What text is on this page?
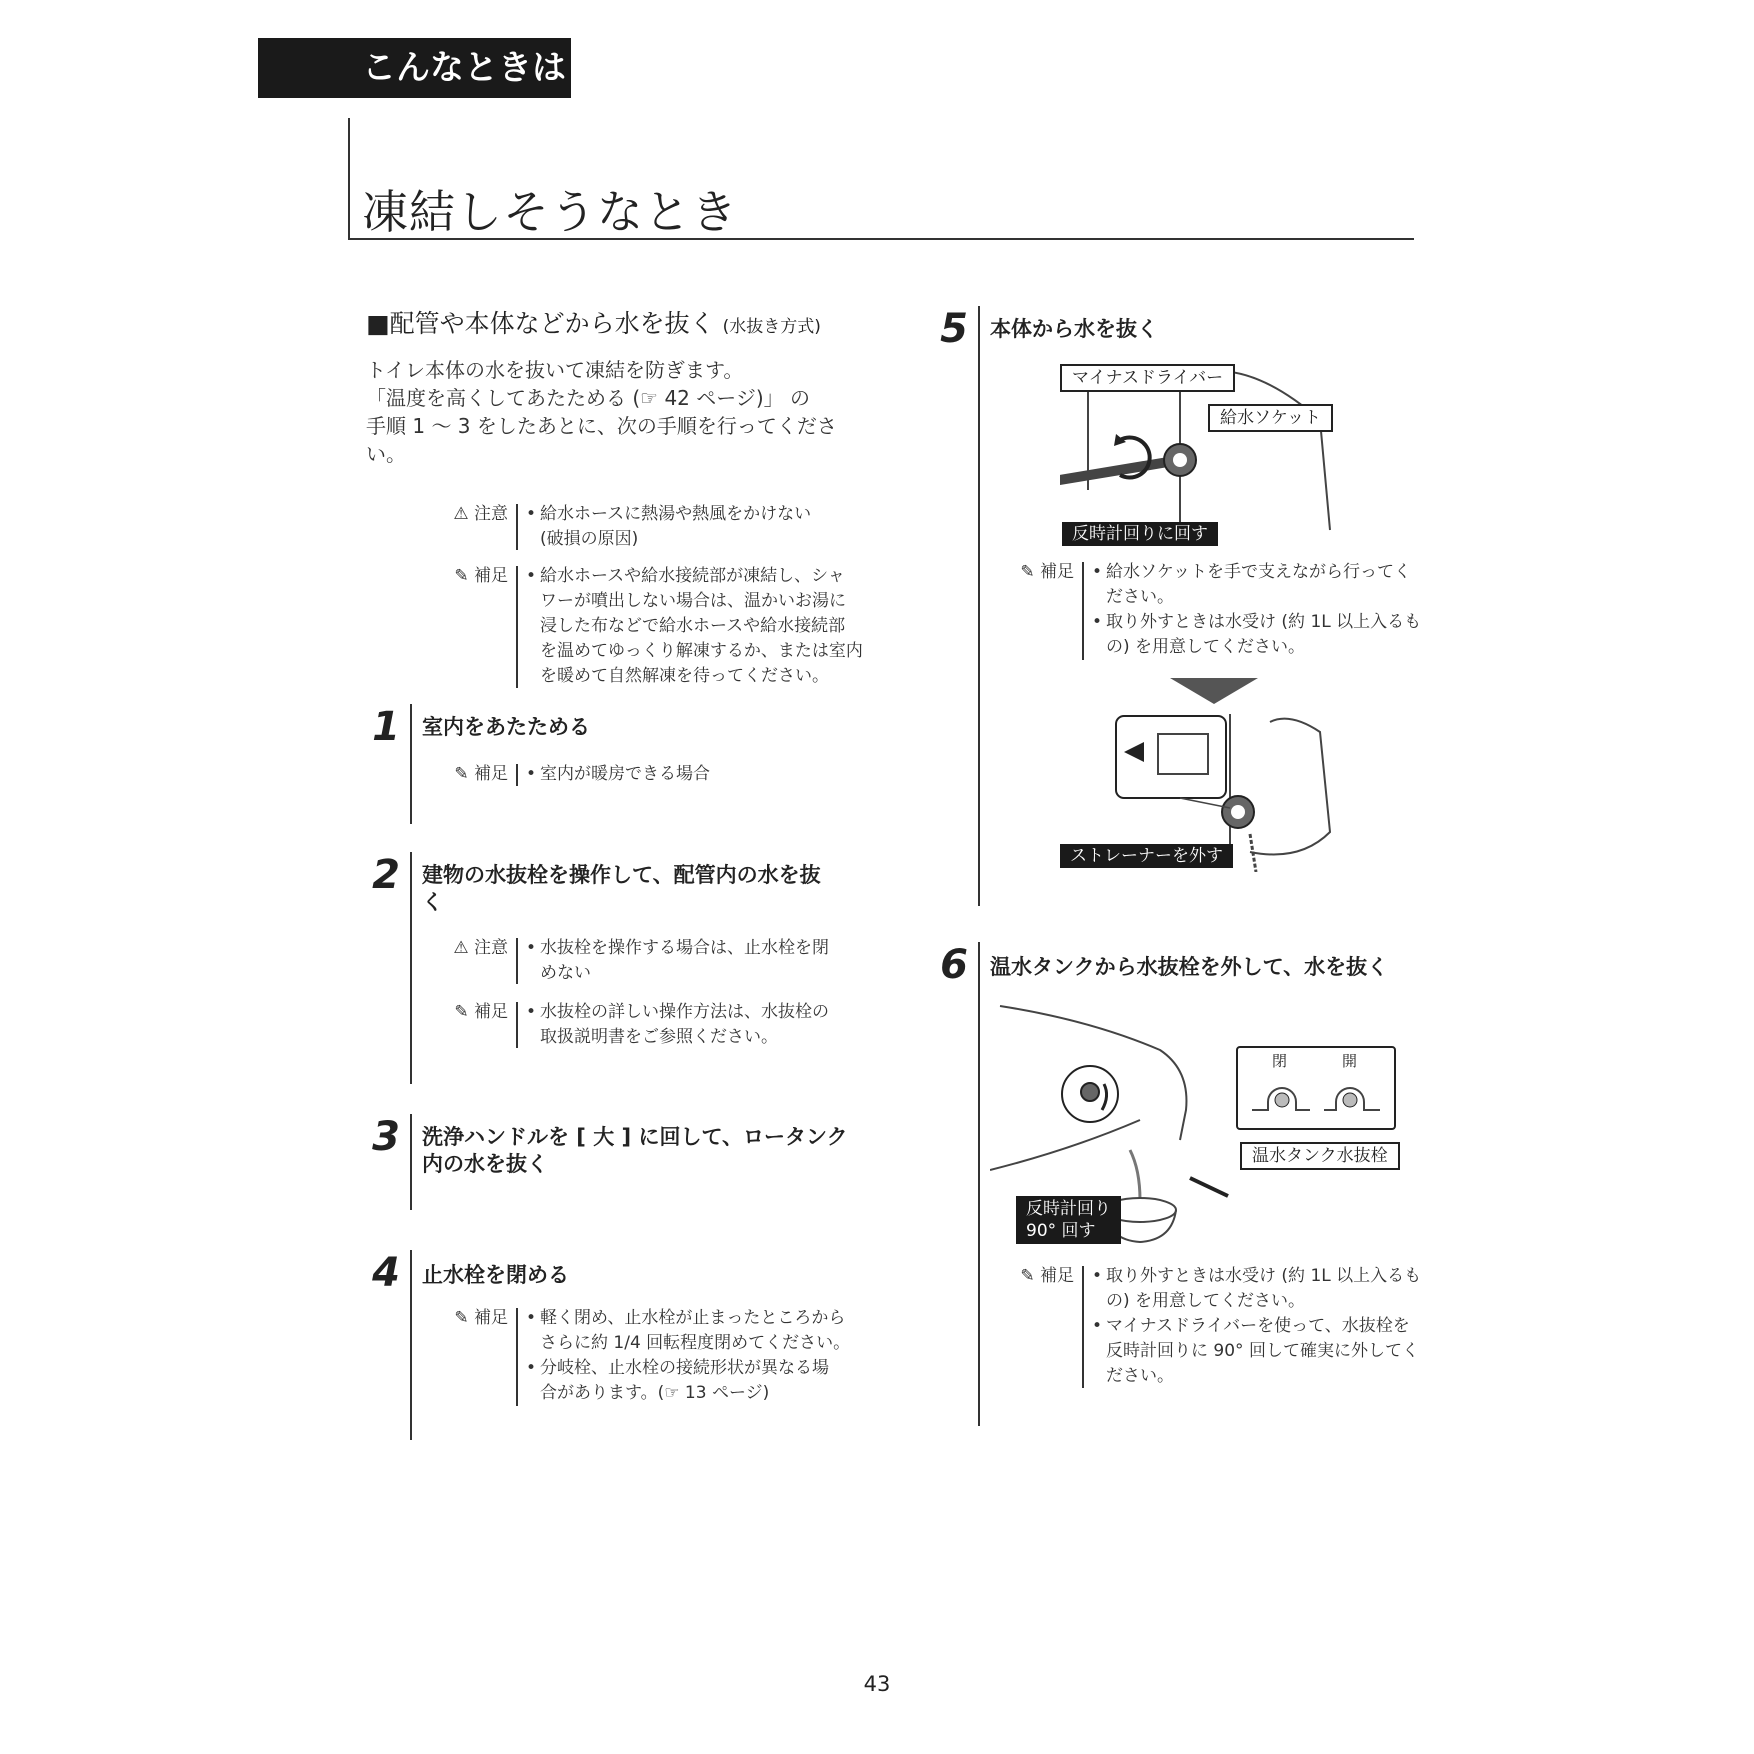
こんなときは
凍結しそうなとき
■配管や本体などから水を抜く (水抜き方式)
トイレ本体の水を抜いて凍結を防ぎます。
「温度を高くしてあたためる (☞ 42 ページ)」 の
手順 1 ～ 3 をしたあとに、次の手順を行ってくださ
い。
⚠ 注意 • 給水ホースに熱湯や熱風をかけない
(破損の原因)
✎ 補足 • 給水ホースや給水接続部が凍結し、シャ
ワーが噴出しない場合は、温かいお湯に
浸した布などで給水ホースや給水接続部
を温めてゆっくり解凍するか、または室内
を暖めて自然解凍を待ってください。
1 室内をあたためる
✎ 補足	• 室内が暖房できる場合
2 建物の水抜栓を操作して、配管内の水を抜
く
⚠ 注意 • 水抜栓を操作する場合は、止水栓を閉
めない
✎ 補足 • 水抜栓の詳しい操作方法は、水抜栓の
取扱説明書をご参照ください。
3 洗浄ハンドルを [ 大 ] に回して、ロータンク
内の水を抜く
4 止水栓を閉める
✎ 補足 • 軽く閉め、止水栓が止まったところから
さらに約 1/4 回転程度閉めてください。
• 分岐栓、止水栓の接続形状が異なる場
合があります。(☞ 13 ページ)
5 本体から水を抜く
マイナスドライバー
給水ソケット
反時計回りに回す
✎ 補足 • 給水ソケットを手で支えながら行ってく
ださい。
• 取り外すときは水受け (約 1L 以上入るも
の) を用意してください。
ストレーナーを外す
6 温水タンクから水抜栓を外して、水を抜く
閉	開
温水タンク水抜栓
反時計回り
90° 回す
✎ 補足 • 取り外すときは水受け (約 1L 以上入るも
の) を用意してください。
• マイナスドライバーを使って、水抜栓を
反時計回りに 90° 回して確実に外してく
ださい。
43
